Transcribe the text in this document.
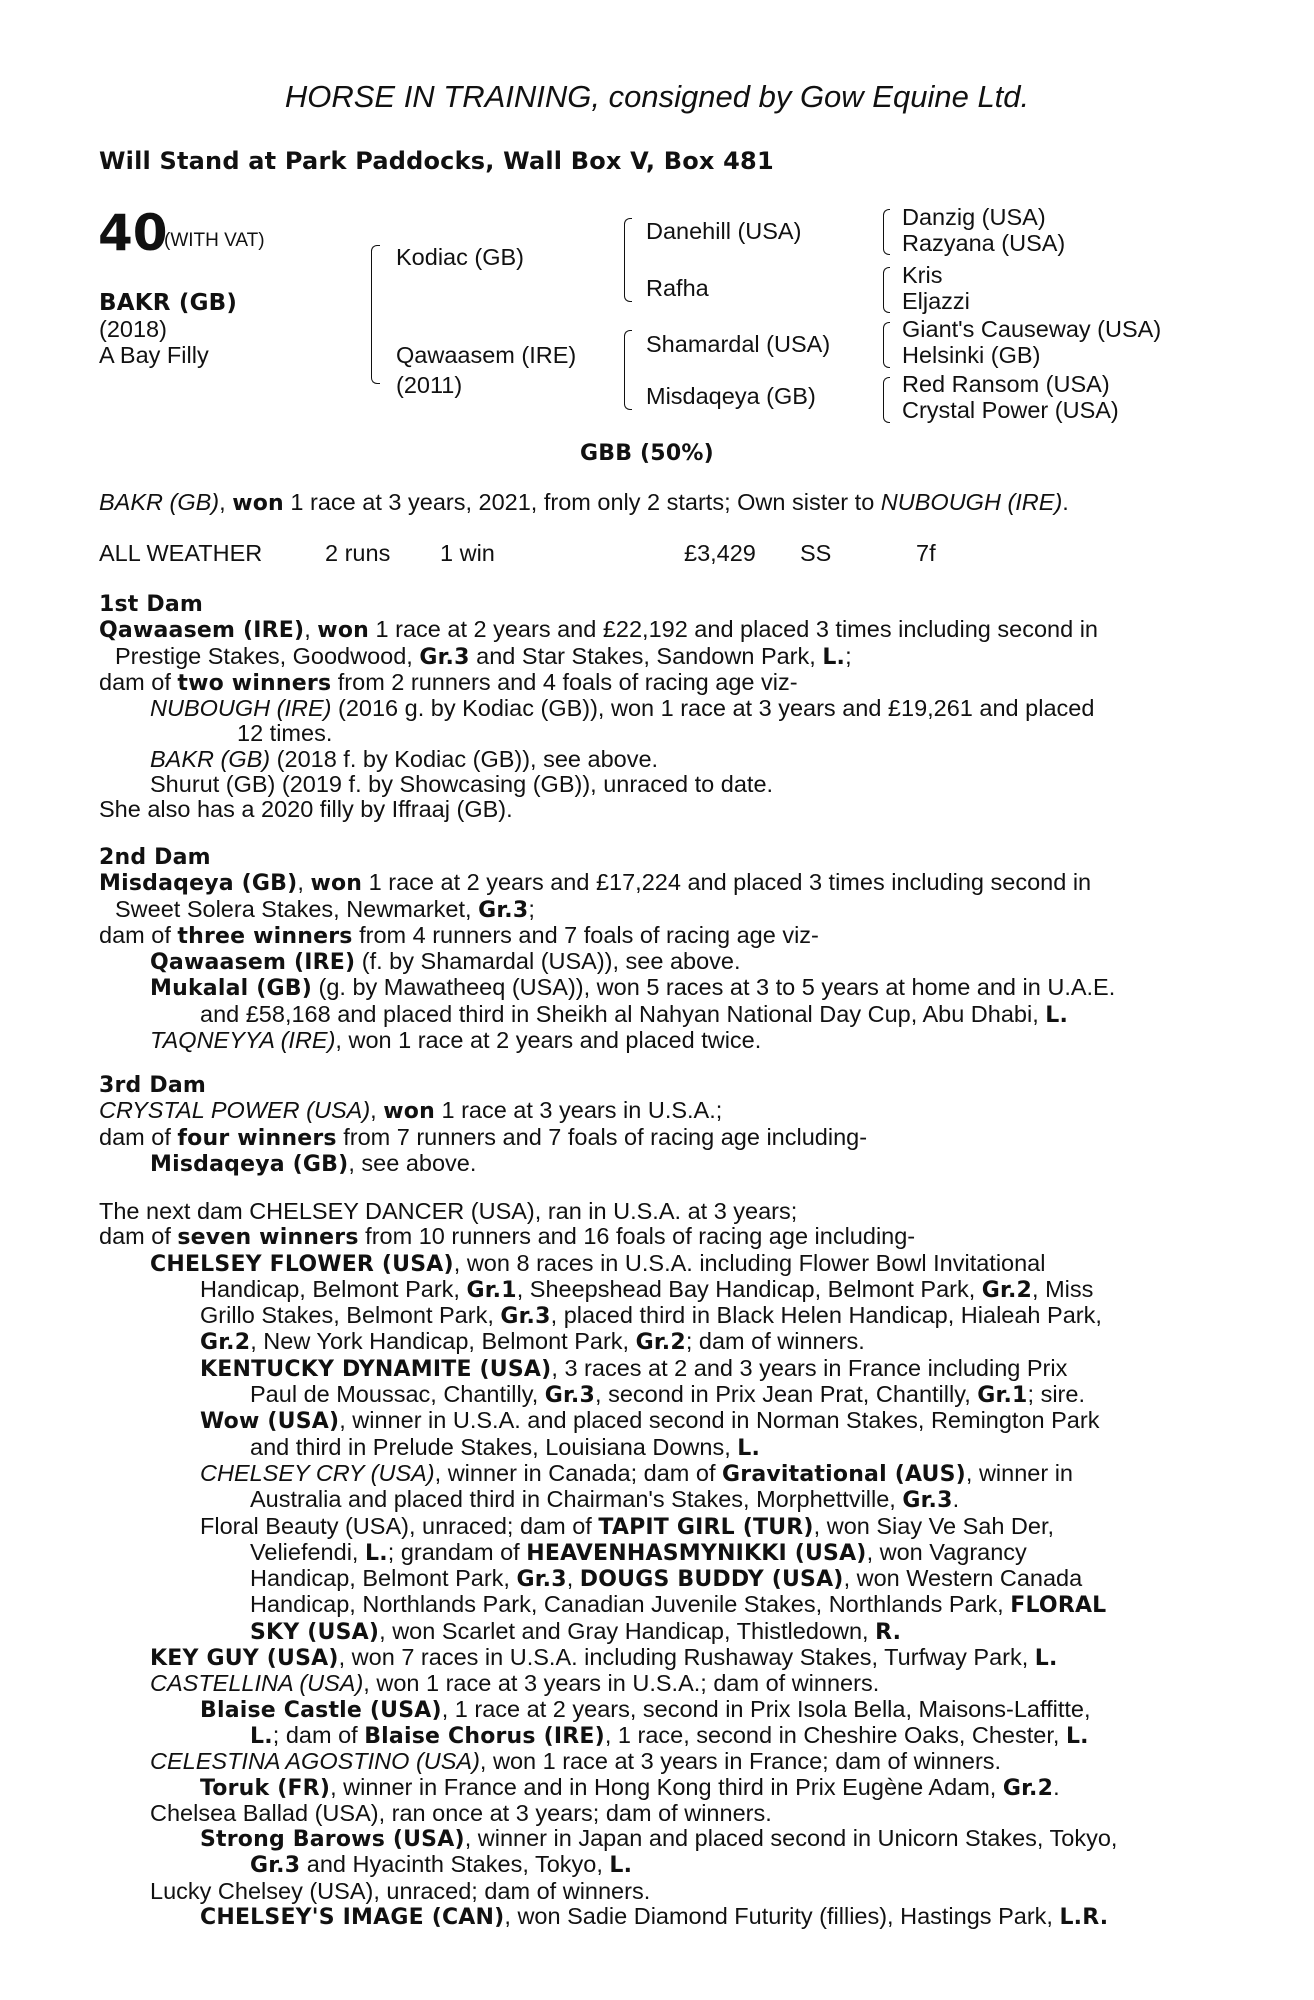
HORSE IN TRAINING, consigned by Gow Equine Ltd.
Will Stand at Park Paddocks, Wall Box V, Box 481
40
(WITH VAT)
BAKR (GB)
(2018)
A Bay Filly
Kodiac (GB)
Qawaasem (IRE)
(2011)
Danehill (USA)
Rafha
Shamardal (USA)
Misdaqeya (GB)
Danzig (USA)
Razyana (USA)
Kris
Eljazzi
Giant's Causeway (USA)
Helsinki (GB)
Red Ransom (USA)
Crystal Power (USA)
GBB (50%)
BAKR (GB), won 1 race at 3 years, 2021, from only 2 starts; Own sister to NUBOUGH (IRE).
ALL WEATHER	2 runs 1 win	£3,429 SS	7f
1st Dam
Qawaasem (IRE), won 1 race at 2 years and £22,192 and placed 3 times including second in
Prestige Stakes, Goodwood, Gr.3 and Star Stakes, Sandown Park, L.;
dam of two winners from 2 runners and 4 foals of racing age viz-
NUBOUGH (IRE) (2016 g. by Kodiac (GB)), won 1 race at 3 years and £19,261 and placed
12 times.
BAKR (GB) (2018 f. by Kodiac (GB)), see above.
Shurut (GB) (2019 f. by Showcasing (GB)), unraced to date.
She also has a 2020 filly by Iffraaj (GB).
2nd Dam
Misdaqeya (GB), won 1 race at 2 years and £17,224 and placed 3 times including second in
Sweet Solera Stakes, Newmarket, Gr.3;
dam of three winners from 4 runners and 7 foals of racing age viz-
Qawaasem (IRE) (f. by Shamardal (USA)), see above.
Mukalal (GB) (g. by Mawatheeq (USA)), won 5 races at 3 to 5 years at home and in U.A.E.
and £58,168 and placed third in Sheikh al Nahyan National Day Cup, Abu Dhabi, L.
TAQNEYYA (IRE), won 1 race at 2 years and placed twice.
3rd Dam
CRYSTAL POWER (USA), won 1 race at 3 years in U.S.A.;
dam of four winners from 7 runners and 7 foals of racing age including-
Misdaqeya (GB), see above.
The next dam CHELSEY DANCER (USA), ran in U.S.A. at 3 years;
dam of seven winners from 10 runners and 16 foals of racing age including-
CHELSEY FLOWER (USA), won 8 races in U.S.A. including Flower Bowl Invitational
Handicap, Belmont Park, Gr.1, Sheepshead Bay Handicap, Belmont Park, Gr.2, Miss
Grillo Stakes, Belmont Park, Gr.3, placed third in Black Helen Handicap, Hialeah Park,
Gr.2, New York Handicap, Belmont Park, Gr.2; dam of winners.
KENTUCKY DYNAMITE (USA), 3 races at 2 and 3 years in France including Prix
Paul de Moussac, Chantilly, Gr.3, second in Prix Jean Prat, Chantilly, Gr.1; sire.
Wow (USA), winner in U.S.A. and placed second in Norman Stakes, Remington Park
and third in Prelude Stakes, Louisiana Downs, L.
CHELSEY CRY (USA), winner in Canada; dam of Gravitational (AUS), winner in
Australia and placed third in Chairman's Stakes, Morphettville, Gr.3.
Floral Beauty (USA), unraced; dam of TAPIT GIRL (TUR), won Siay Ve Sah Der,
Veliefendi, L.; grandam of HEAVENHASMYNIKKI (USA), won Vagrancy
Handicap, Belmont Park, Gr.3, DOUGS BUDDY (USA), won Western Canada
Handicap, Northlands Park, Canadian Juvenile Stakes, Northlands Park, FLORAL
SKY (USA), won Scarlet and Gray Handicap, Thistledown, R.
KEY GUY (USA), won 7 races in U.S.A. including Rushaway Stakes, Turfway Park, L.
CASTELLINA (USA), won 1 race at 3 years in U.S.A.; dam of winners.
Blaise Castle (USA), 1 race at 2 years, second in Prix Isola Bella, Maisons-Laffitte,
L.; dam of Blaise Chorus (IRE), 1 race, second in Cheshire Oaks, Chester, L.
CELESTINA AGOSTINO (USA), won 1 race at 3 years in France; dam of winners.
Toruk (FR), winner in France and in Hong Kong third in Prix Eugène Adam, Gr.2.
Chelsea Ballad (USA), ran once at 3 years; dam of winners.
Strong Barows (USA), winner in Japan and placed second in Unicorn Stakes, Tokyo,
Gr.3 and Hyacinth Stakes, Tokyo, L.
Lucky Chelsey (USA), unraced; dam of winners.
CHELSEY'S IMAGE (CAN), won Sadie Diamond Futurity (fillies), Hastings Park, L.R.
